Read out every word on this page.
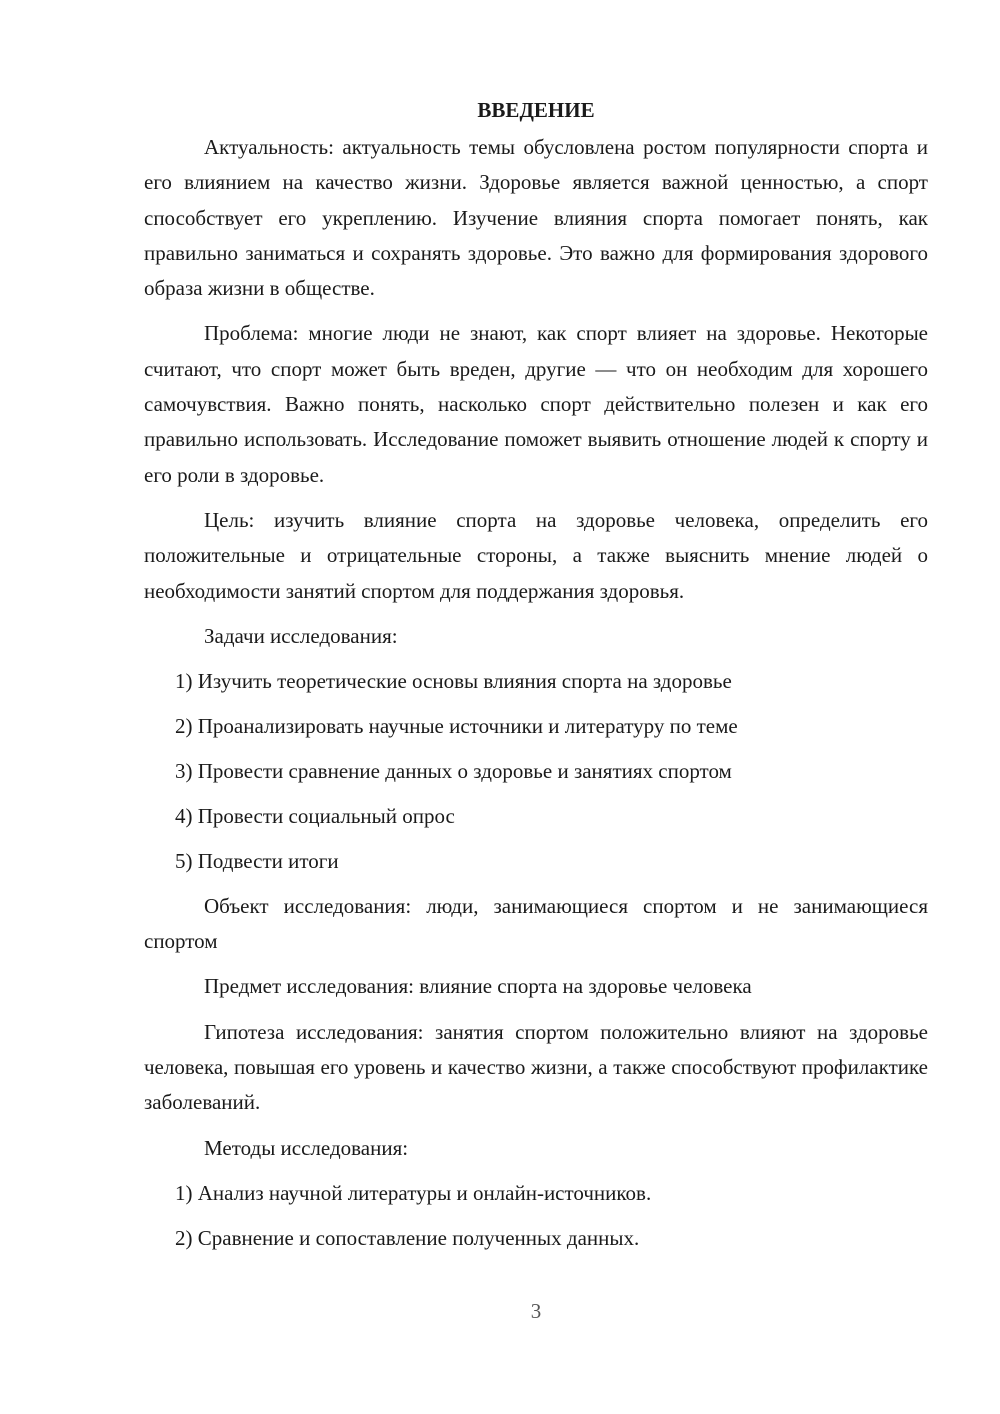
ВВЕДЕНИЕ

Актуальность: актуальность темы обусловлена ростом популярности спорта и его влиянием на качество жизни. Здоровье является важной ценностью, а спорт способствует его укреплению. Изучение влияния спорта помогает понять, как правильно заниматься и сохранять здоровье. Это важно для формирования здорового образа жизни в обществе.

Проблема: многие люди не знают, как спорт влияет на здоровье. Некоторые считают, что спорт может быть вреден, другие — что он необходим для хорошего самочувствия. Важно понять, насколько спорт действительно полезен и как его правильно использовать. Исследование поможет выявить отношение людей к спорту и его роли в здоровье.

Цель: изучить влияние спорта на здоровье человека, определить его положительные и отрицательные стороны, а также выяснить мнение людей о необходимости занятий спортом для поддержания здоровья.

Задачи исследования:
1) Изучить теоретические основы влияния спорта на здоровье
2) Проанализировать научные источники и литературу по теме
3) Провести сравнение данных о здоровье и занятиях спортом
4) Провести социальный опрос
5) Подвести итоги

Объект исследования: люди, занимающиеся спортом и не занимающиеся спортом

Предмет исследования: влияние спорта на здоровье человека

Гипотеза исследования: занятия спортом положительно влияют на здоровье человека, повышая его уровень и качество жизни, а также способствуют профилактике заболеваний.

Методы исследования:
1) Анализ научной литературы и онлайн-источников.
2) Сравнение и сопоставление полученных данных.
3
